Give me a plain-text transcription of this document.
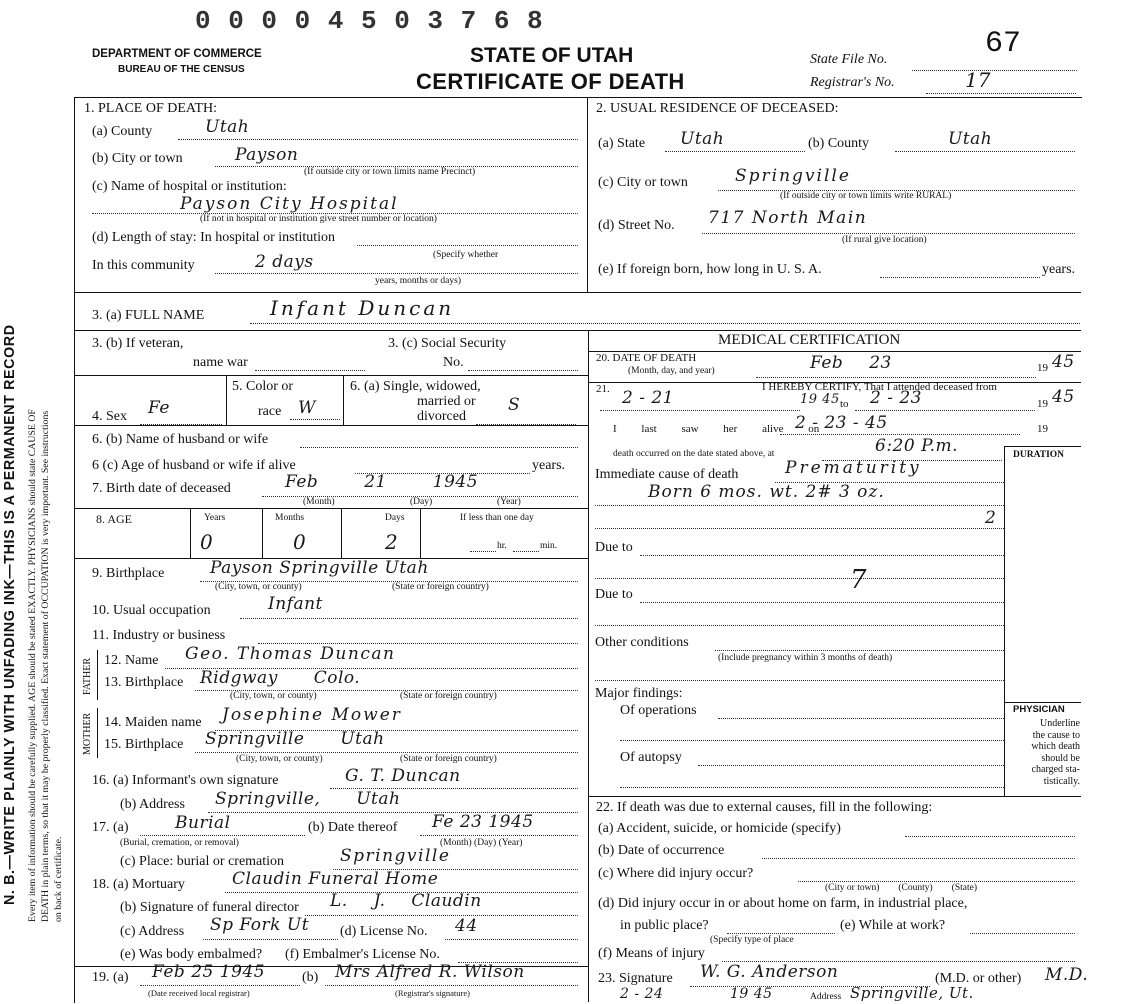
N. B.—WRITE PLAINLY WITH UNFADING INK—THIS IS A PERMANENT RECORD Every item of information should be carefully supplied. AGE should be stated EXACTLY. PHYSICIANS should state CAUSE OF DEATH in plain terms, so that it may be properly classified. Exact statement of OCCUPATION is very important. See instructions on back of certificate.
0 0 0 0 4 5 0 3 7 6 8
DEPARTMENT OF COMMERCE
BUREAU OF THE CENSUS
STATE OF UTAH
CERTIFICATE OF DEATH
State File No.	67
Registrar's No.	17
1. PLACE OF DEATH:
(a) County	Utah
(b) City or town	Payson
(If outside city or town limits name Precinct)
(c) Name of hospital or institution:
Payson City Hospital
(If not in hospital or institution give street number or location)
(d) Length of stay: In hospital or institution
(Specify whether
In this community	2 days
years, months or days)
2. USUAL RESIDENCE OF DECEASED:
(a) State Utah	(b) County	Utah
(c) City or town	Springville
(If outside city or town limits write RURAL)
(d) Street No. 717 North Main
(If rural give location)
(e) If foreign born, how long in U. S. A.	years.
3. (a) FULL NAME	Infant Duncan
3. (b) If veteran,
name war
3. (c) Social Security
No.
5. Color or
race W
6. (a) Single, widowed,
married or
divorced
S
4. Sex Fe
6. (b) Name of husband or wife
6 (c) Age of husband or wife if alive	years.
7. Birth date of deceased	Feb 21 1945
(Month)	(Day)	(Year)
8. AGE	Years	Months	Days	If less than one day
0	0	2	hr.	min.
9. Birthplace	Payson Springville Utah
(City, town, or county)	(State or foreign country)
10. Usual occupation	Infant
11. Industry or business
FATHER 12. Name Geo. Thomas Duncan
13. Birthplace Ridgway Colo.
(City, town, or county)	(State or foreign country)
MOTHER 14. Maiden name Josephine Mower
15. Birthplace Springville Utah
(City, town, or county)	(State or foreign country)
16. (a) Informant's own signature	G. T. Duncan
(b) Address Springville, Utah
17. (a)	Burial
(Burial, cremation, or removal)
(b) Date thereof Fe 23 1945
(Month) (Day) (Year)
(c) Place: burial or cremation	Springville
18. (a) Mortuary	Claudin Funeral Home
(b) Signature of funeral director L. J. Claudin
(c) Address Sp Fork Ut (d) License No. 44
(e) Was body embalmed? (f) Embalmer's License No.
19. (a) Feb 25 1945
(Date received local registrar)
(b) Mrs Alfred R. Wilson
(Registrar's signature)
MEDICAL CERTIFICATION
20. DATE OF DEATH
(Month, day, and year)	Feb 23	19 45
21.	I HEREBY CERTIFY, That I attended deceased from
2 - 21	19 45 to 2 - 23	19 45
I last saw her alive on
2 - 23 - 45	19
death occurred on the date stated above, at	6:20 P.m.	DURATION
Immediate cause of death	Prematurity
Born 6 mos. wt. 2# 3 oz.
2
Due to
7
Due to
Other conditions
(Include pregnancy within 3 months of death)
Major findings:
Of operations
Of autopsy
PHYSICIAN
Underline
the cause to
which death
should be
charged sta-
tistically.
22. If death was due to external causes, fill in the following:
(a) Accident, suicide, or homicide (specify)
(b) Date of occurrence
(c) Where did injury occur?
(City or town)        (County)        (State)
(d) Did injury occur in or about home on farm, in industrial place,
in public place?
(Specify type of place
(e) While at work?
(f) Means of injury
23. Signature W. G. Anderson	(M.D. or other) M.D.
2 - 24	19 45	Address Springville, Ut.
